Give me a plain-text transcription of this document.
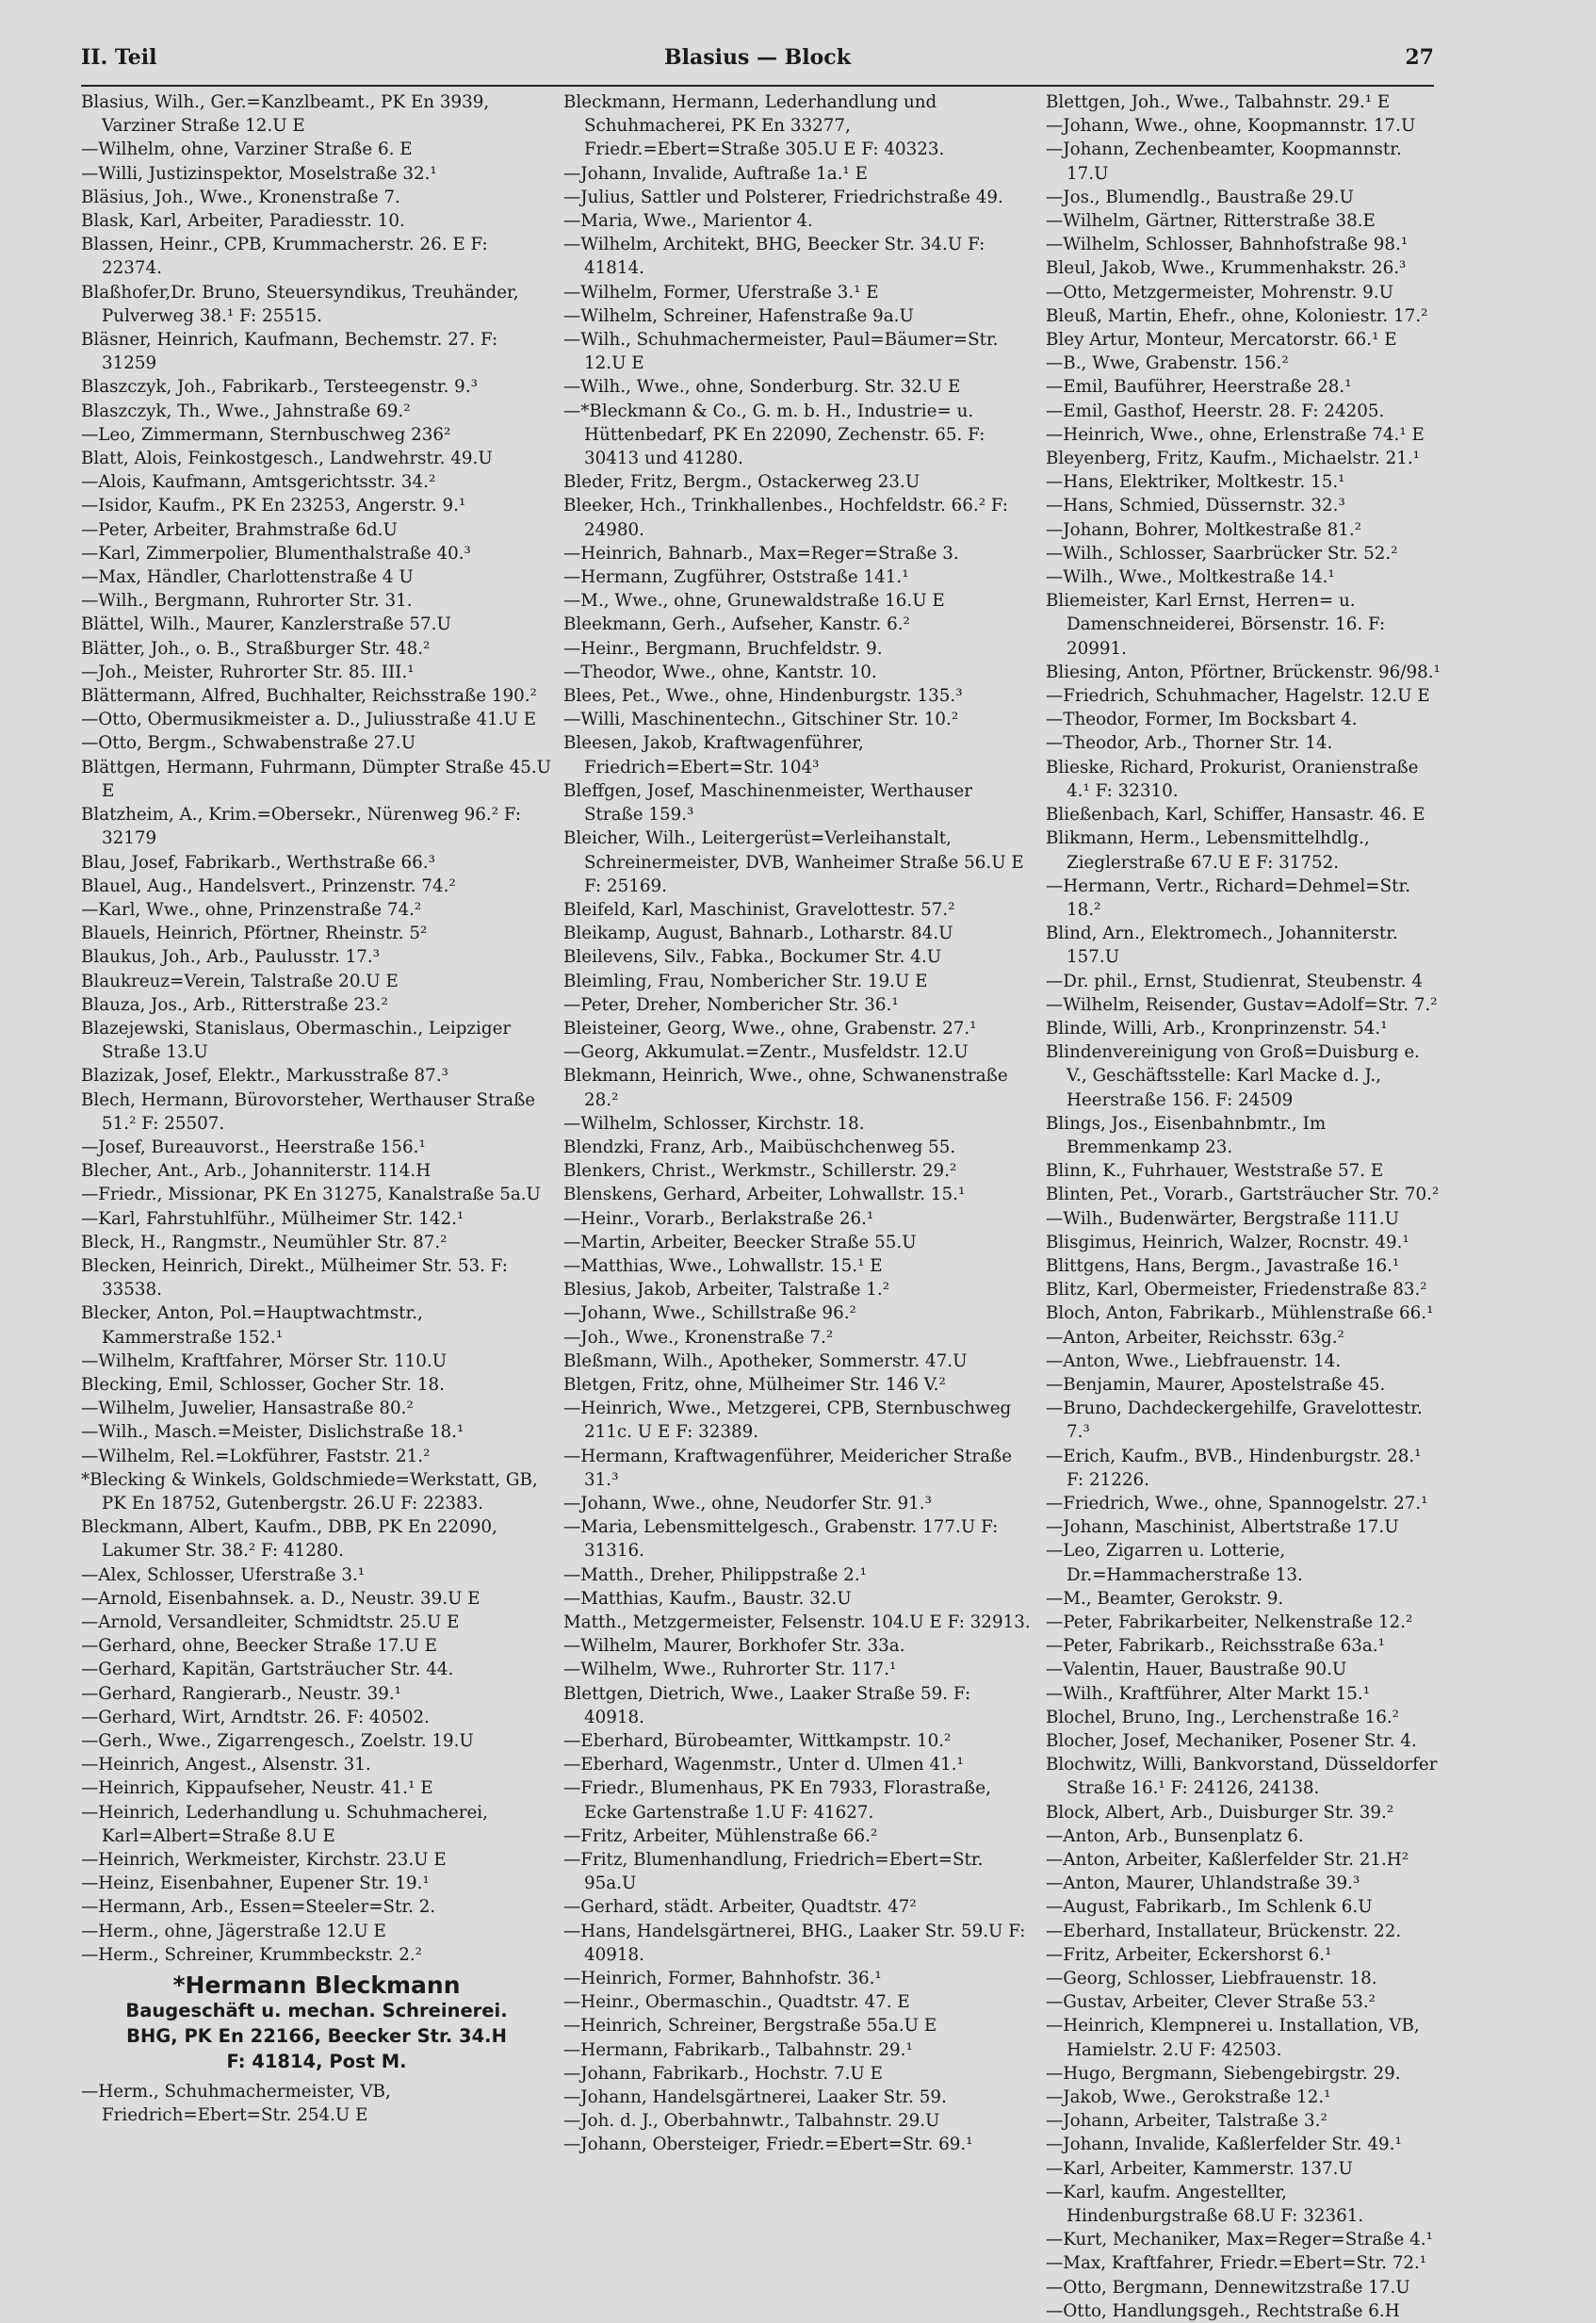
II. Teil	Blasius — Block	27

Blasius, Wilh., Ger.=Kanzlbeamt., PK En 3939, Varziner Straße 12.U E

—Wilhelm, ohne, Varziner Straße 6. E

—Willi, Justizinspektor, Moselstraße 32.¹

Bläsius, Joh., Wwe., Kronenstraße 7.

Blask, Karl, Arbeiter, Paradiesstr. 10.

Blassen, Heinr., CPB, Krummacherstr. 26. E F: 22374.

Blaßhofer,Dr. Bruno, Steuersyndikus, Treuhänder, Pulverweg 38.¹ F: 25515.

Bläsner, Heinrich, Kaufmann, Bechemstr. 27. F: 31259

Blaszczyk, Joh., Fabrikarb., Tersteegenstr. 9.³

Blaszczyk, Th., Wwe., Jahnstraße 69.²

—Leo, Zimmermann, Sternbuschweg 236²

Blatt, Alois, Feinkostgesch., Landwehrstr. 49.U

—Alois, Kaufmann, Amtsgerichtsstr. 34.²

—Isidor, Kaufm., PK En 23253, Angerstr. 9.¹

—Peter, Arbeiter, Brahmstraße 6d.U

—Karl, Zimmerpolier, Blumenthalstraße 40.³

—Max, Händler, Charlottenstraße 4 U

—Wilh., Bergmann, Ruhrorter Str. 31.

Blättel, Wilh., Maurer, Kanzlerstraße 57.U

Blätter, Joh., o. B., Straßburger Str. 48.²

—Joh., Meister, Ruhrorter Str. 85. III.¹

Blättermann, Alfred, Buchhalter, Reichsstraße 190.²

—Otto, Obermusikmeister a. D., Juliusstraße 41.U E

—Otto, Bergm., Schwabenstraße 27.U

Blättgen, Hermann, Fuhrmann, Dümpter Straße 45.U E

Blatzheim, A., Krim.=Obersekr., Nürenweg 96.² F: 32179

Blau, Josef, Fabrikarb., Werthstraße 66.³

Blauel, Aug., Handelsvert., Prinzenstr. 74.²

—Karl, Wwe., ohne, Prinzenstraße 74.²

Blauels, Heinrich, Pförtner, Rheinstr. 5²

Blaukus, Joh., Arb., Paulusstr. 17.³

Blaukreuz=Verein, Talstraße 20.U E

Blauza, Jos., Arb., Ritterstraße 23.²

Blazejewski, Stanislaus, Obermaschin., Leipziger Straße 13.U

Blazizak, Josef, Elektr., Markusstraße 87.³

Blech, Hermann, Bürovorsteher, Werthauser Straße 51.² F: 25507.

—Josef, Bureauvorst., Heerstraße 156.¹

Blecher, Ant., Arb., Johanniterstr. 114.H

—Friedr., Missionar, PK En 31275, Kanalstraße 5a.U

—Karl, Fahrstuhlführ., Mülheimer Str. 142.¹

Bleck, H., Rangmstr., Neumühler Str. 87.²

Blecken, Heinrich, Direkt., Mülheimer Str. 53. F: 33538.

Blecker, Anton, Pol.=Hauptwachtmstr., Kammerstraße 152.¹

—Wilhelm, Kraftfahrer, Mörser Str. 110.U

Blecking, Emil, Schlosser, Gocher Str. 18.

—Wilhelm, Juwelier, Hansastraße 80.²

—Wilh., Masch.=Meister, Dislichstraße 18.¹

—Wilhelm, Rel.=Lokführer, Faststr. 21.²

*Blecking & Winkels, Goldschmiede=Werkstatt, GB, PK En 18752, Gutenbergstr. 26.U F: 22383.

Bleckmann, Albert, Kaufm., DBB, PK En 22090, Lakumer Str. 38.² F: 41280.

—Alex, Schlosser, Uferstraße 3.¹

—Arnold, Eisenbahnsek. a. D., Neustr. 39.U E

—Arnold, Versandleiter, Schmidtstr. 25.U E

—Gerhard, ohne, Beecker Straße 17.U E

—Gerhard, Kapitän, Gartsträucher Str. 44.

—Gerhard, Rangierarb., Neustr. 39.¹

—Gerhard, Wirt, Arndtstr. 26. F: 40502.

—Gerh., Wwe., Zigarrengesch., Zoelstr. 19.U

—Heinrich, Angest., Alsenstr. 31.

—Heinrich, Kippaufseher, Neustr. 41.¹ E

—Heinrich, Lederhandlung u. Schuhmacherei, Karl=Albert=Straße 8.U E

—Heinrich, Werkmeister, Kirchstr. 23.U E

—Heinz, Eisenbahner, Eupener Str. 19.¹

—Hermann, Arb., Essen=Steeler=Str. 2.

—Herm., ohne, Jägerstraße 12.U E

—Herm., Schreiner, Krummbeckstr. 2.²

*Hermann Bleckmann
Baugeschäft u. mechan. Schreinerei.
BHG, PK En 22166, Beecker Str. 34.H
F: 41814, Post M.

—Herm., Schuhmachermeister, VB, Friedrich=Ebert=Str. 254.U E

Bleckmann, Hermann, Lederhandlung und Schuhmacherei, PK En 33277, Friedr.=Ebert=Straße 305.U E F: 40323.

—Johann, Invalide, Auftraße 1a.¹ E

—Julius, Sattler und Polsterer, Friedrichstraße 49.

—Maria, Wwe., Marientor 4.

—Wilhelm, Architekt, BHG, Beecker Str. 34.U F: 41814.

—Wilhelm, Former, Uferstraße 3.¹ E

—Wilhelm, Schreiner, Hafenstraße 9a.U

—Wilh., Schuhmachermeister, Paul=Bäumer=Str. 12.U E

—Wilh., Wwe., ohne, Sonderburg. Str. 32.U E

—*Bleckmann & Co., G. m. b. H., Industrie= u. Hüttenbedarf, PK En 22090, Zechenstr. 65. F: 30413 und 41280.

Bleder, Fritz, Bergm., Ostackerweg 23.U

Bleeker, Hch., Trinkhallenbes., Hochfeldstr. 66.² F: 24980.

—Heinrich, Bahnarb., Max=Reger=Straße 3.

—Hermann, Zugführer, Oststraße 141.¹

—M., Wwe., ohne, Grunewaldstraße 16.U E

Bleekmann, Gerh., Aufseher, Kanstr. 6.²

—Heinr., Bergmann, Bruchfeldstr. 9.

—Theodor, Wwe., ohne, Kantstr. 10.

Blees, Pet., Wwe., ohne, Hindenburgstr. 135.³

—Willi, Maschinentechn., Gitschiner Str. 10.²

Bleesen, Jakob, Kraftwagenführer, Friedrich=Ebert=Str. 104³

Bleffgen, Josef, Maschinenmeister, Werthauser Straße 159.³

Bleicher, Wilh., Leitergerüst=Verleihanstalt, Schreinermeister, DVB, Wanheimer Straße 56.U E F: 25169.

Bleifeld, Karl, Maschinist, Gravelottestr. 57.²

Bleikamp, August, Bahnarb., Lotharstr. 84.U

Bleilevens, Silv., Fabka., Bockumer Str. 4.U

Bleimling, Frau, Nombericher Str. 19.U E

—Peter, Dreher, Nombericher Str. 36.¹

Bleisteiner, Georg, Wwe., ohne, Grabenstr. 27.¹

—Georg, Akkumulat.=Zentr., Musfeldstr. 12.U

Blekmann, Heinrich, Wwe., ohne, Schwanenstraße 28.²

—Wilhelm, Schlosser, Kirchstr. 18.

Blendzki, Franz, Arb., Maibüschchenweg 55.

Blenkers, Christ., Werkmstr., Schillerstr. 29.²

Blenskens, Gerhard, Arbeiter, Lohwallstr. 15.¹

—Heinr., Vorarb., Berlakstraße 26.¹

—Martin, Arbeiter, Beecker Straße 55.U

—Matthias, Wwe., Lohwallstr. 15.¹ E

Blesius, Jakob, Arbeiter, Talstraße 1.²

—Johann, Wwe., Schillstraße 96.²

—Joh., Wwe., Kronenstraße 7.²

Bleßmann, Wilh., Apotheker, Sommerstr. 47.U

Bletgen, Fritz, ohne, Mülheimer Str. 146 V.²

—Heinrich, Wwe., Metzgerei, CPB, Sternbuschweg 211c. U E F: 32389.

—Hermann, Kraftwagenführer, Meidericher Straße 31.³

—Johann, Wwe., ohne, Neudorfer Str. 91.³

—Maria, Lebensmittelgesch., Grabenstr. 177.U F: 31316.

—Matth., Dreher, Philippstraße 2.¹

—Matthias, Kaufm., Baustr. 32.U

Matth., Metzgermeister, Felsenstr. 104.U E F: 32913.

—Wilhelm, Maurer, Borkhofer Str. 33a.

—Wilhelm, Wwe., Ruhrorter Str. 117.¹

Blettgen, Dietrich, Wwe., Laaker Straße 59. F: 40918.

—Eberhard, Bürobeamter, Wittkampstr. 10.²

—Eberhard, Wagenmstr., Unter d. Ulmen 41.¹

—Friedr., Blumenhaus, PK En 7933, Florastraße, Ecke Gartenstraße 1.U F: 41627.

—Fritz, Arbeiter, Mühlenstraße 66.²

—Fritz, Blumenhandlung, Friedrich=Ebert=Str. 95a.U

—Gerhard, städt. Arbeiter, Quadtstr. 47²

—Hans, Handelsgärtnerei, BHG., Laaker Str. 59.U F: 40918.

—Heinrich, Former, Bahnhofstr. 36.¹

—Heinr., Obermaschin., Quadtstr. 47. E

—Heinrich, Schreiner, Bergstraße 55a.U E

—Hermann, Fabrikarb., Talbahnstr. 29.¹

—Johann, Fabrikarb., Hochstr. 7.U E

—Johann, Handelsgärtnerei, Laaker Str. 59.

—Joh. d. J., Oberbahnwtr., Talbahnstr. 29.U

—Johann, Obersteiger, Friedr.=Ebert=Str. 69.¹

Blettgen, Joh., Wwe., Talbahnstr. 29.¹ E

—Johann, Wwe., ohne, Koopmannstr. 17.U

—Johann, Zechenbeamter, Koopmannstr. 17.U

—Jos., Blumendlg., Baustraße 29.U

—Wilhelm, Gärtner, Ritterstraße 38.E

—Wilhelm, Schlosser, Bahnhofstraße 98.¹

Bleul, Jakob, Wwe., Krummenhakstr. 26.³

—Otto, Metzgermeister, Mohrenstr. 9.U

Bleuß, Martin, Ehefr., ohne, Koloniestr. 17.²

Bley Artur, Monteur, Mercatorstr. 66.¹ E

—B., Wwe, Grabenstr. 156.²

—Emil, Bauführer, Heerstraße 28.¹

—Emil, Gasthof, Heerstr. 28. F: 24205.

—Heinrich, Wwe., ohne, Erlenstraße 74.¹ E

Bleyenberg, Fritz, Kaufm., Michaelstr. 21.¹

—Hans, Elektriker, Moltkestr. 15.¹

—Hans, Schmied, Düssernstr. 32.³

—Johann, Bohrer, Moltkestraße 81.²

—Wilh., Schlosser, Saarbrücker Str. 52.²

—Wilh., Wwe., Moltkestraße 14.¹

Bliemeister, Karl Ernst, Herren= u. Damenschneiderei, Börsenstr. 16. F: 20991.

Bliesing, Anton, Pförtner, Brückenstr. 96/98.¹

—Friedrich, Schuhmacher, Hagelstr. 12.U E

—Theodor, Former, Im Bocksbart 4.

—Theodor, Arb., Thorner Str. 14.

Blieske, Richard, Prokurist, Oranienstraße 4.¹ F: 32310.

Bließenbach, Karl, Schiffer, Hansastr. 46. E

Blikmann, Herm., Lebensmittelhdlg., Zieglerstraße 67.U E F: 31752.

—Hermann, Vertr., Richard=Dehmel=Str. 18.²

Blind, Arn., Elektromech., Johanniterstr. 157.U

—Dr. phil., Ernst, Studienrat, Steubenstr. 4

—Wilhelm, Reisender, Gustav=Adolf=Str. 7.²

Blinde, Willi, Arb., Kronprinzenstr. 54.¹

Blindenvereinigung von Groß=Duisburg e. V., Geschäftsstelle: Karl Macke d. J., Heerstraße 156. F: 24509

Blings, Jos., Eisenbahnbmtr., Im Bremmenkamp 23.

Blinn, K., Fuhrhauer, Weststraße 57. E

Blinten, Pet., Vorarb., Gartsträucher Str. 70.²

—Wilh., Budenwärter, Bergstraße 111.U

Blisgimus, Heinrich, Walzer, Rocnstr. 49.¹

Blittgens, Hans, Bergm., Javastraße 16.¹

Blitz, Karl, Obermeister, Friedenstraße 83.²

Bloch, Anton, Fabrikarb., Mühlenstraße 66.¹

—Anton, Arbeiter, Reichsstr. 63g.²

—Anton, Wwe., Liebfrauenstr. 14.

—Benjamin, Maurer, Apostelstraße 45.

—Bruno, Dachdeckergehilfe, Gravelottestr. 7.³

—Erich, Kaufm., BVB., Hindenburgstr. 28.¹ F: 21226.

—Friedrich, Wwe., ohne, Spannogelstr. 27.¹

—Johann, Maschinist, Albertstraße 17.U

—Leo, Zigarren u. Lotterie, Dr.=Hammacherstraße 13.

—M., Beamter, Gerokstr. 9.

—Peter, Fabrikarbeiter, Nelkenstraße 12.²

—Peter, Fabrikarb., Reichsstraße 63a.¹

—Valentin, Hauer, Baustraße 90.U

—Wilh., Kraftführer, Alter Markt 15.¹

Blochel, Bruno, Ing., Lerchenstraße 16.²

Blocher, Josef, Mechaniker, Posener Str. 4.

Blochwitz, Willi, Bankvorstand, Düsseldorfer Straße 16.¹ F: 24126, 24138.

Block, Albert, Arb., Duisburger Str. 39.²

—Anton, Arb., Bunsenplatz 6.

—Anton, Arbeiter, Kaßlerfelder Str. 21.H²

—Anton, Maurer, Uhlandstraße 39.³

—August, Fabrikarb., Im Schlenk 6.U

—Eberhard, Installateur, Brückenstr. 22.

—Fritz, Arbeiter, Eckershorst 6.¹

—Georg, Schlosser, Liebfrauenstr. 18.

—Gustav, Arbeiter, Clever Straße 53.²

—Heinrich, Klempnerei u. Installation, VB, Hamielstr. 2.U F: 42503.

—Hugo, Bergmann, Siebengebirgstr. 29.

—Jakob, Wwe., Gerokstraße 12.¹

—Johann, Arbeiter, Talstraße 3.²

—Johann, Invalide, Kaßlerfelder Str. 49.¹

—Karl, Arbeiter, Kammerstr. 137.U

—Karl, kaufm. Angestellter, Hindenburgstraße 68.U F: 32361.

—Kurt, Mechaniker, Max=Reger=Straße 4.¹

—Max, Kraftfahrer, Friedr.=Ebert=Str. 72.¹

—Otto, Bergmann, Dennewitzstraße 17.U

—Otto, Handlungsgeh., Rechtstraße 6.H
